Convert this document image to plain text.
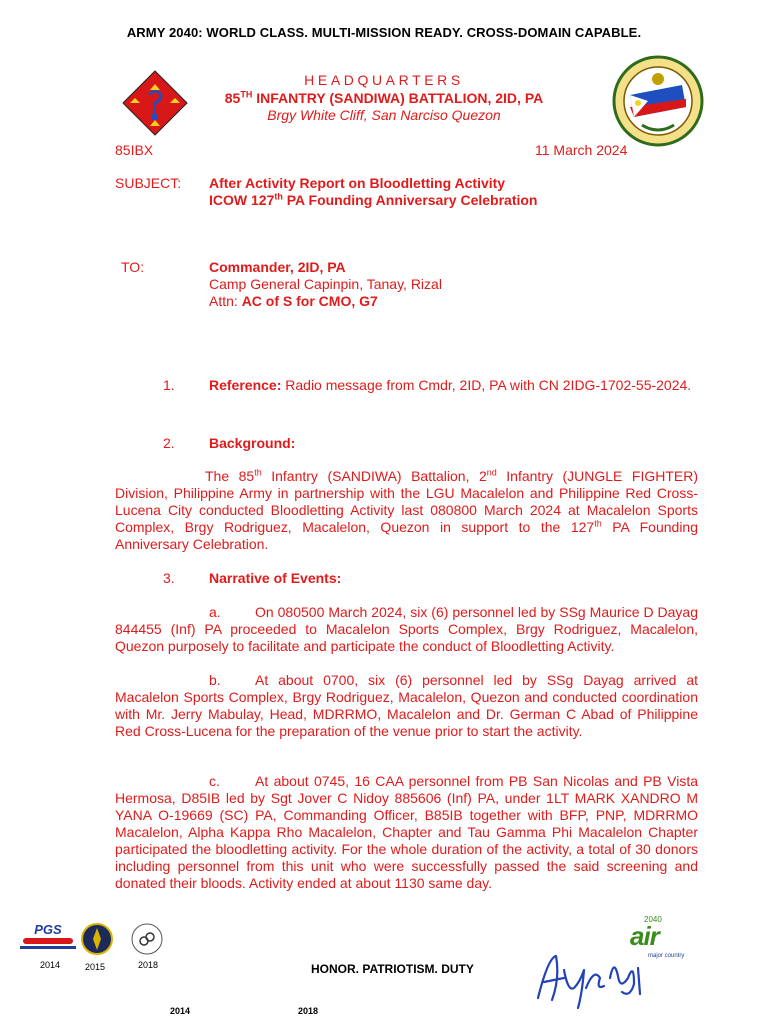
ARMY 2040: WORLD CLASS. MULTI-MISSION READY. CROSS-DOMAIN CAPABLE.
HEADQUARTERS
85TH INFANTRY (SANDIWA) BATTALION, 2ID, PA
Brgy White Cliff, San Narciso Quezon
85IBX	11 March 2024
SUBJECT: After Activity Report on Bloodletting Activity
ICOW 127th PA Founding Anniversary Celebration
TO:	Commander, 2ID, PA
Camp General Capinpin, Tanay, Rizal
Attn: AC of S for CMO, G7
1. Reference: Radio message from Cmdr, 2ID, PA with CN 2IDG-1702-55-2024.
2. Background:
The 85th Infantry (SANDIWA) Battalion, 2nd Infantry (JUNGLE FIGHTER) Division, Philippine Army in partnership with the LGU Macalelon and Philippine Red Cross-Lucena City conducted Bloodletting Activity last 080800 March 2024 at Macalelon Sports Complex, Brgy Rodriguez, Macalelon, Quezon in support to the 127th PA Founding Anniversary Celebration.
3. Narrative of Events:
a. On 080500 March 2024, six (6) personnel led by SSg Maurice D Dayag 844455 (Inf) PA proceeded to Macalelon Sports Complex, Brgy Rodriguez, Macalelon, Quezon purposely to facilitate and participate the conduct of Bloodletting Activity.
b. At about 0700, six (6) personnel led by SSg Dayag arrived at Macalelon Sports Complex, Brgy Rodriguez, Macalelon, Quezon and conducted coordination with Mr. Jerry Mabulay, Head, MDRRMO, Macalelon and Dr. German C Abad of Philippine Red Cross-Lucena for the preparation of the venue prior to start the activity.
c.	At about 0745, 16 CAA personnel from PB San Nicolas and PB Vista Hermosa, D85IB led by Sgt Jover C Nidoy 885606 (Inf) PA, under 1LT MARK XANDRO M YANA O-19669 (SC) PA, Commanding Officer, B85IB together with BFP, PNP, MDRRMO Macalelon, Alpha Kappa Rho Macalelon, Chapter and Tau Gamma Phi Macalelon Chapter participated the bloodletting activity. For the whole duration of the activity, a total of 30 donors including personnel from this unit who were successfully passed the said screening and donated their bloods. Activity ended at about 1130 same day.
PGS
2014	2015	2018	HONOR. PATRIOTISM. DUTY
2040
air
major country
2014	2018
